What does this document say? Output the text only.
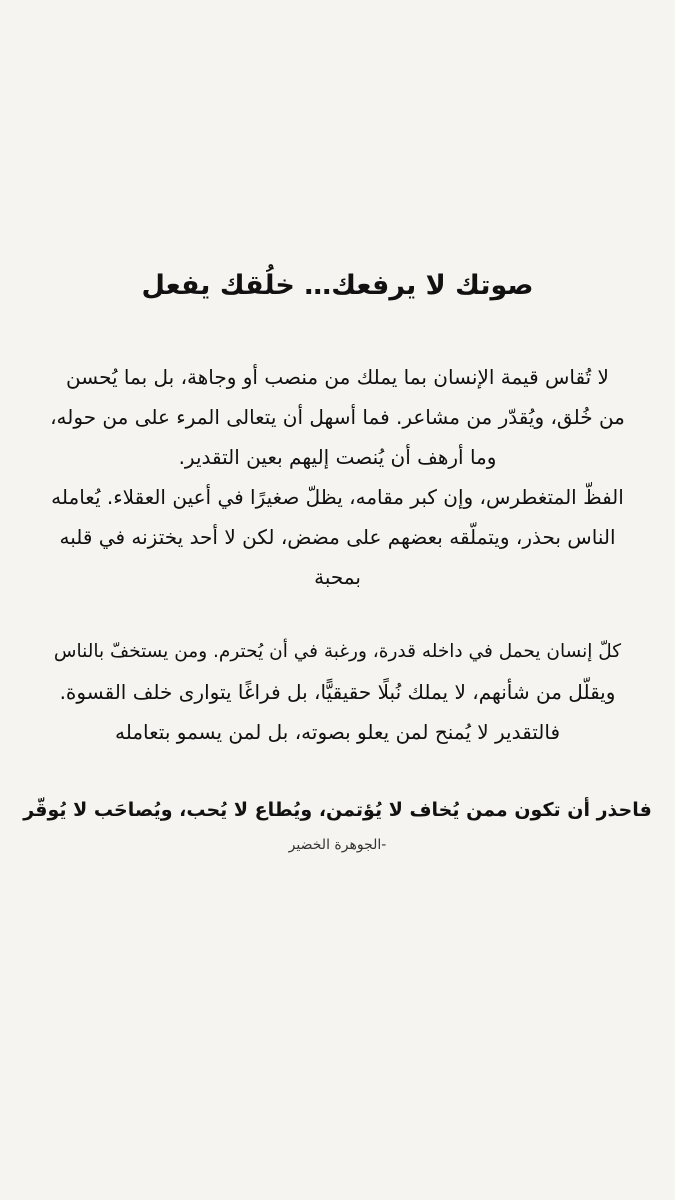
صوتك لا يرفعك… خلُقك يفعل
لا تُقاس قيمة الإنسان بما يملك من منصب أو وجاهة، بل بما يُحسن
من خُلق، ويُقدّر من مشاعر. فما أسهل أن يتعالى المرء على من حوله،
وما أرهف أن يُنصت إليهم بعين التقدير.
الفظّ المتغطرس، وإن كبر مقامه، يظلّ صغيرًا في أعين العقلاء. يُعامله
الناس بحذر، ويتملّقه بعضهم على مضض، لكن لا أحد يختزنه في قلبه
بمحبة
كلّ إنسان يحمل في داخله قدرة، ورغبة في أن يُحترم. ومن يستخفّ بالناس
ويقلّل من شأنهم، لا يملك نُبلًا حقيقيًّا، بل فراغًا يتوارى خلف القسوة.
فالتقدير لا يُمنح لمن يعلو بصوته، بل لمن يسمو بتعامله
فاحذر أن تكون ممن يُخاف لا يُؤتمن، ويُطاع لا يُحب، ويُصاحَب لا يُوقّر
-الجوهرة الخضير
